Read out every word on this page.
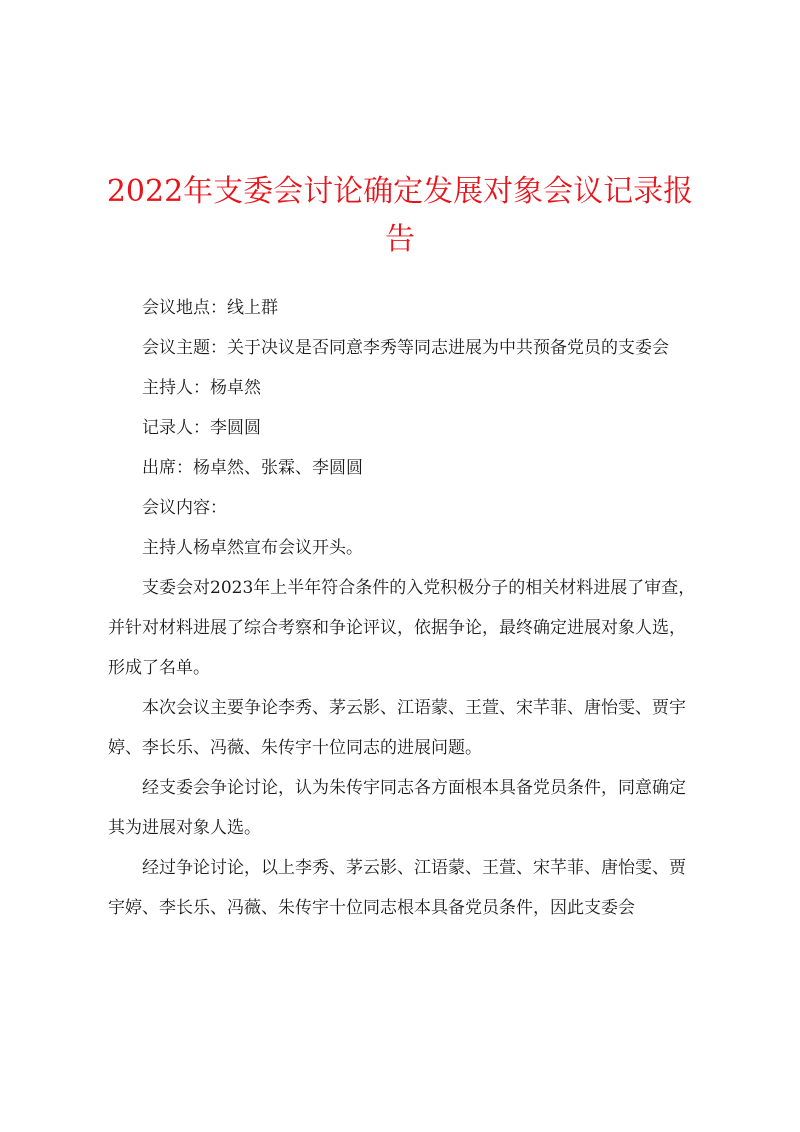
2022年支委会讨论确定发展对象会议记录报告

会议地点：线上群

会议主题：关于决议是否同意李秀等同志进展为中共预备党员的支委会

主持人：杨卓然

记录人：李圆圆

出席：杨卓然、张霖、李圆圆

会议内容：

主持人杨卓然宣布会议开头。

支委会对2023年上半年符合条件的入党积极分子的相关材料进展了审查，并针对材料进展了综合考察和争论评议，依据争论，最终确定进展对象人选，形成了名单。

本次会议主要争论李秀、茅云影、江语蒙、王萱、宋芊菲、唐怡雯、贾宇婷、李长乐、冯薇、朱传宇十位同志的进展问题。

经支委会争论讨论，认为朱传宇同志各方面根本具备党员条件，同意确定其为进展对象人选。

经过争论讨论，以上李秀、茅云影、江语蒙、王萱、宋芊菲、唐怡雯、贾宇婷、李长乐、冯薇、朱传宇十位同志根本具备党员条件，因此支委会
